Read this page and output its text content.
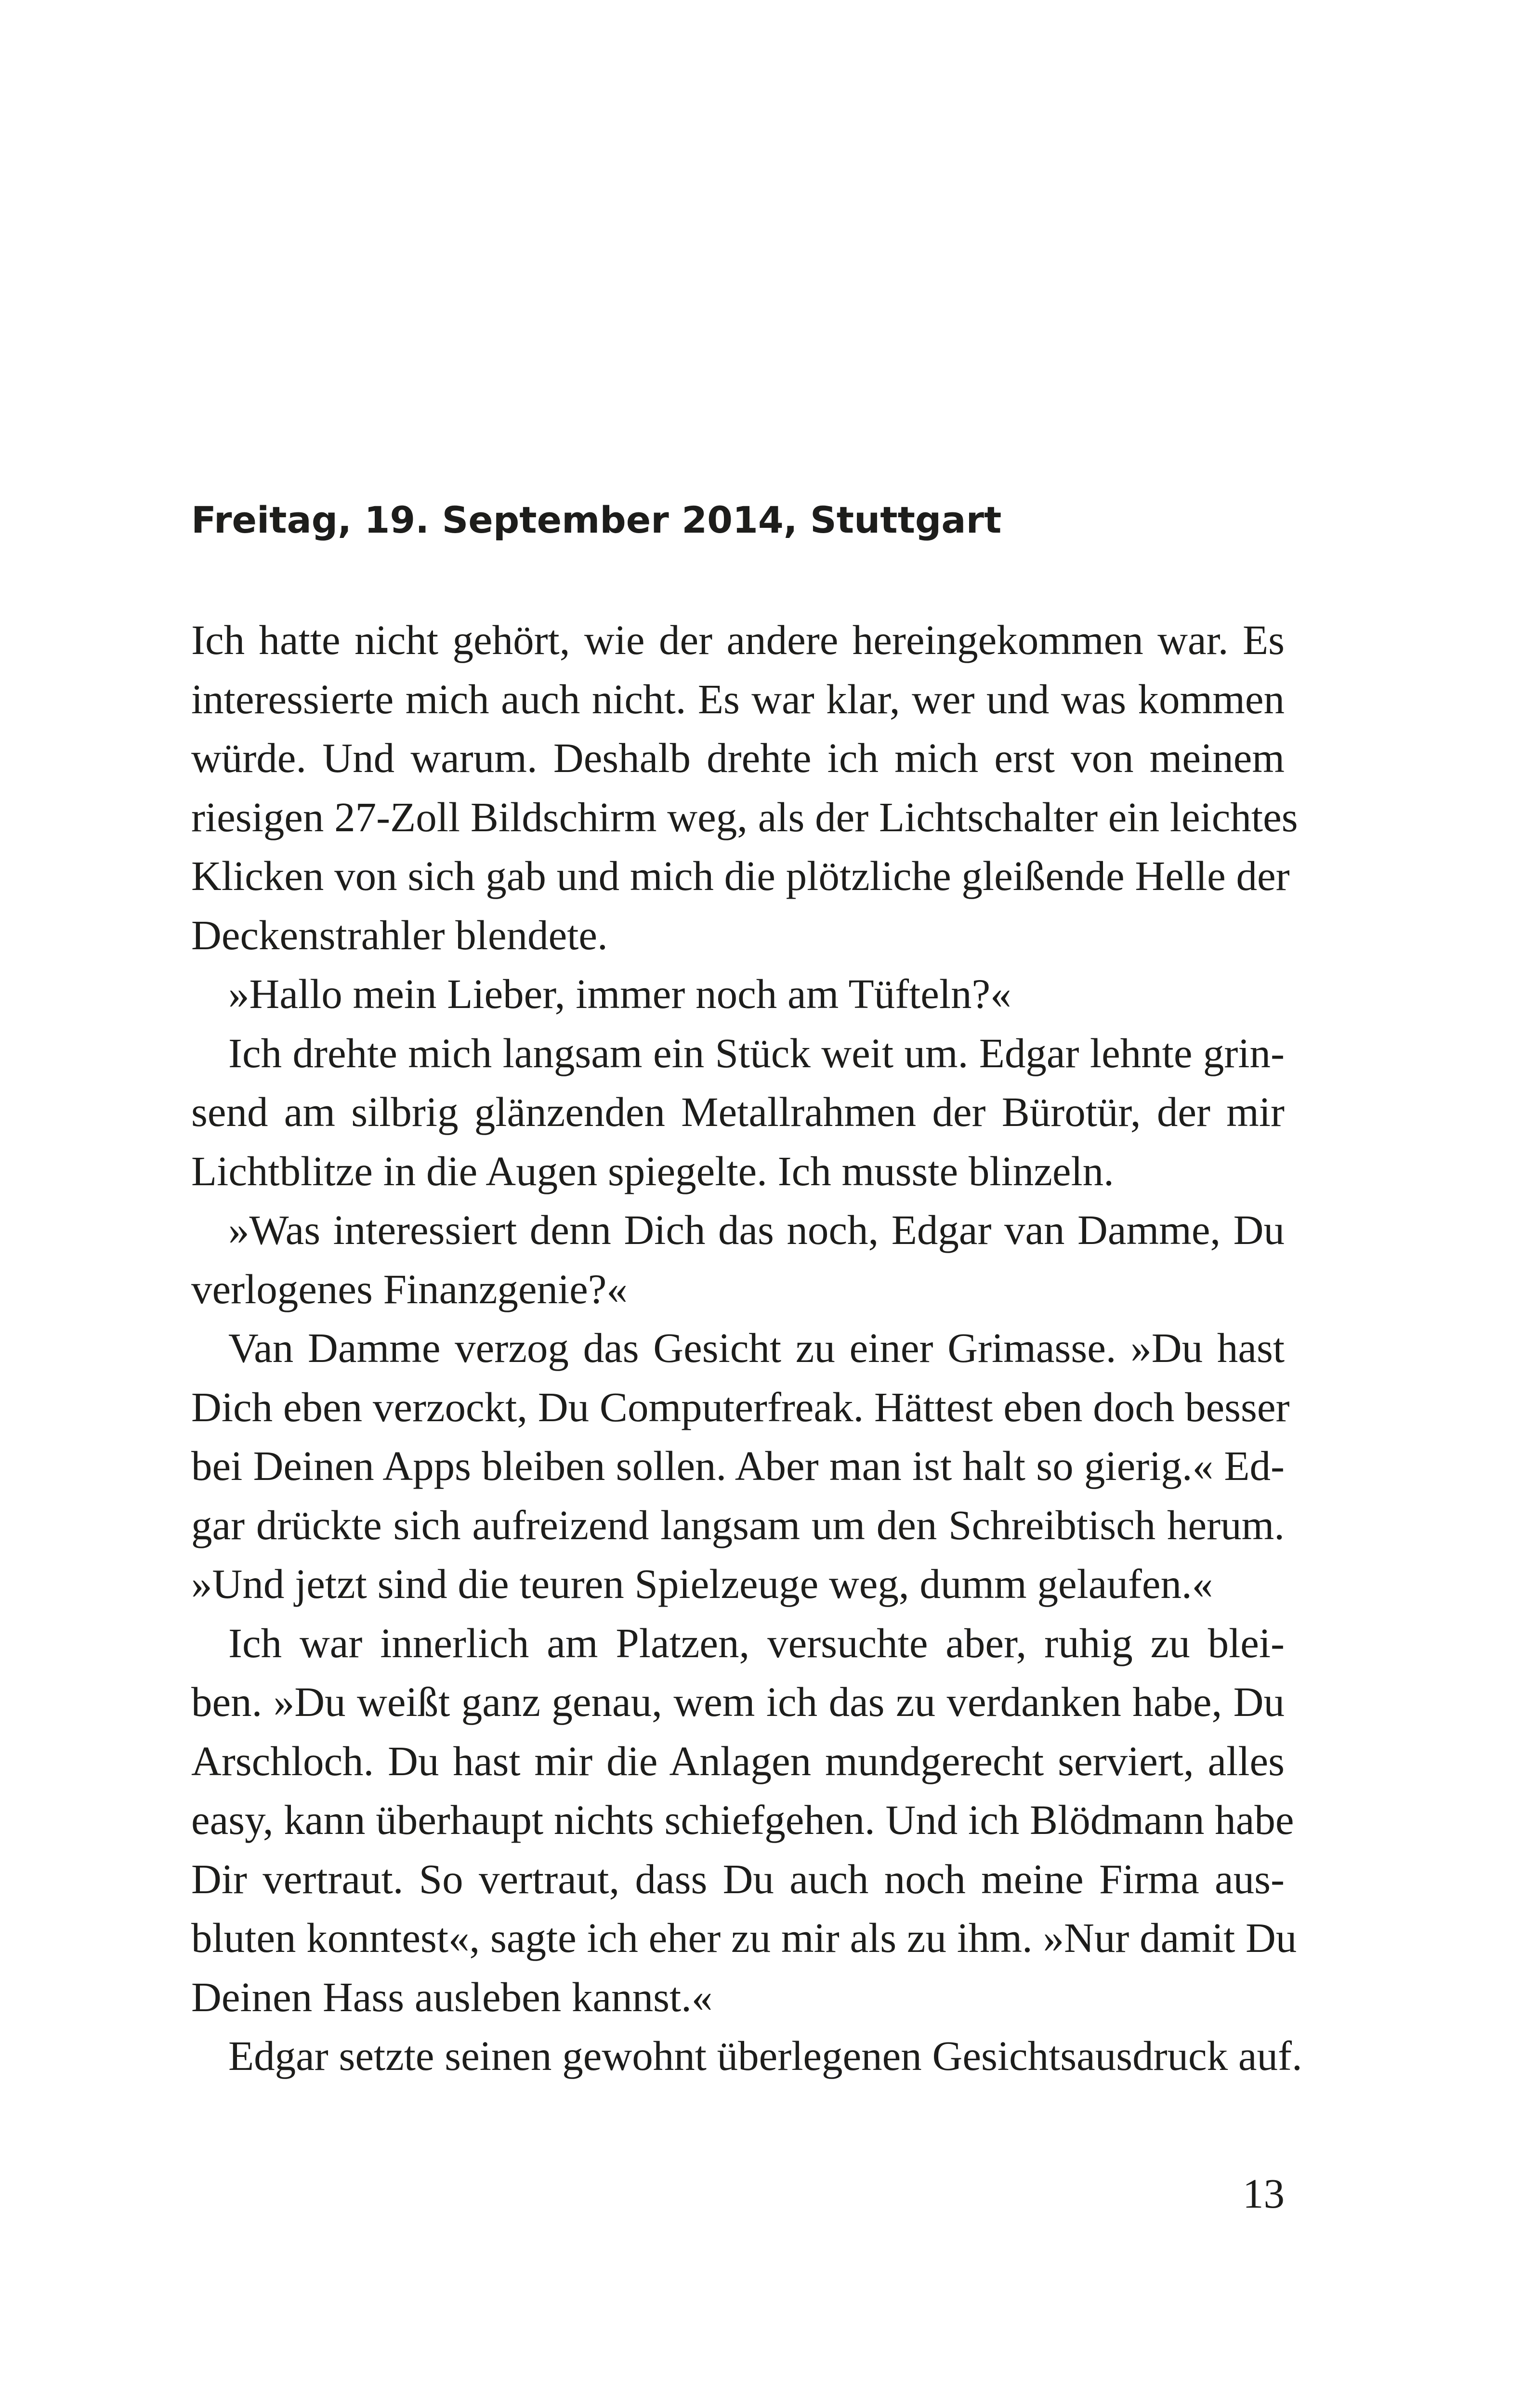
Freitag, 19. September 2014, Stuttgart
Ich hatte nicht gehört, wie der andere hereingekommen war. Es
interessierte mich auch nicht. Es war klar, wer und was kommen
würde. Und warum. Deshalb drehte ich mich erst von meinem
riesigen 27-Zoll Bildschirm weg, als der Lichtschalter ein leichtes
Klicken von sich gab und mich die plötzliche gleißende Helle der
Deckenstrahler blendete.
»Hallo mein Lieber, immer noch am Tüfteln?«
Ich drehte mich langsam ein Stück weit um. Edgar lehnte grin-
send am silbrig glänzenden Metallrahmen der Bürotür, der mir
Lichtblitze in die Augen spiegelte. Ich musste blinzeln.
»Was interessiert denn Dich das noch, Edgar van Damme, Du
verlogenes Finanzgenie?«
Van Damme verzog das Gesicht zu einer Grimasse. »Du hast
Dich eben verzockt, Du Computerfreak. Hättest eben doch besser
bei Deinen Apps bleiben sollen. Aber man ist halt so gierig.« Ed-
gar drückte sich aufreizend langsam um den Schreibtisch herum.
»Und jetzt sind die teuren Spielzeuge weg, dumm gelaufen.«
Ich war innerlich am Platzen, versuchte aber, ruhig zu blei-
ben. »Du weißt ganz genau, wem ich das zu verdanken habe, Du
Arschloch. Du hast mir die Anlagen mundgerecht serviert, alles
easy, kann überhaupt nichts schiefgehen. Und ich Blödmann habe
Dir vertraut. So vertraut, dass Du auch noch meine Firma aus-
bluten konntest«, sagte ich eher zu mir als zu ihm. »Nur damit Du
Deinen Hass ausleben kannst.«
Edgar setzte seinen gewohnt überlegenen Gesichtsausdruck auf.
13
